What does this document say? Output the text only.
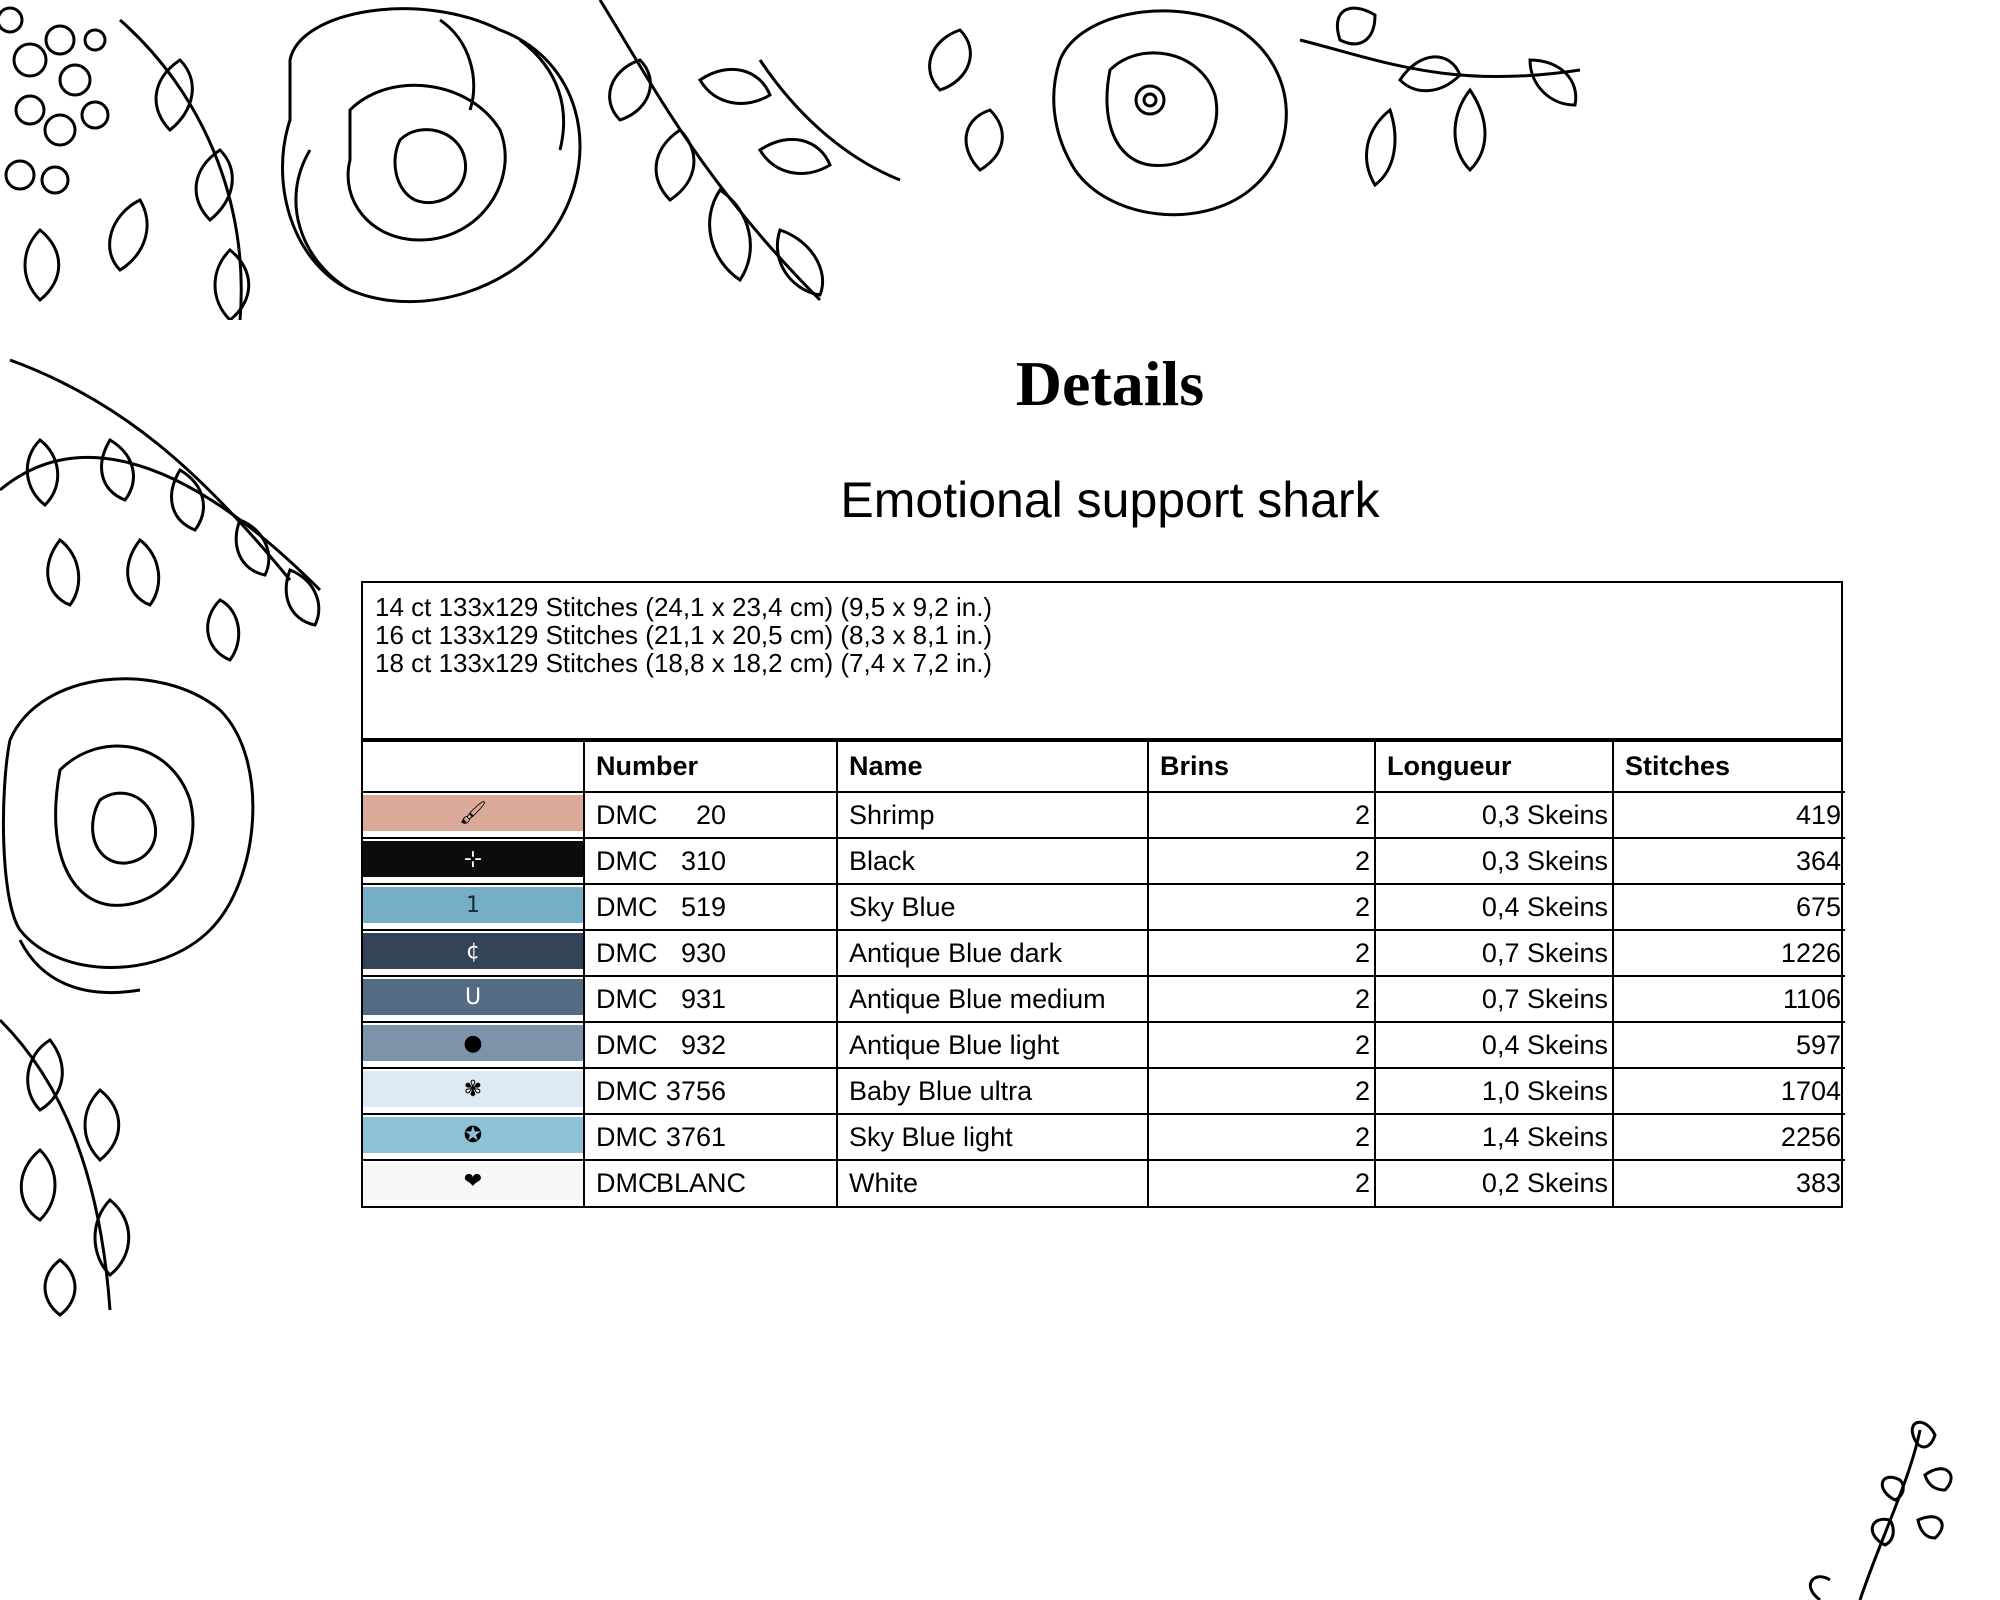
Details
Emotional support shark
14 ct 133x129 Stitches (24,1 x 23,4 cm) (9,5 x 9,2 in.)
16 ct 133x129 Stitches (21,1 x 20,5 cm) (8,3 x 8,1 in.)
18 ct 133x129 Stitches (18,8 x 18,2 cm) (7,4 x 7,2 in.)
	Number	Name	Brins	Longueur	Stitches

🖌	DMC 20	Shrimp	2	0,3 Skeins	419

⊹	DMC 310	Black	2	0,3 Skeins	364

1	DMC 519	Sky Blue	2	0,4 Skeins	675

¢	DMC 930	Antique Blue dark	2	0,7 Skeins	1226

U	DMC 931	Antique Blue medium	2	0,7 Skeins	1106

●	DMC 932	Antique Blue light	2	0,4 Skeins	597

✾	DMC 3756	Baby Blue ultra	2	1,0 Skeins	1704

✪	DMC 3761	Sky Blue light	2	1,4 Skeins	2256

❤	DMCBLANC	White	2	0,2 Skeins	383
